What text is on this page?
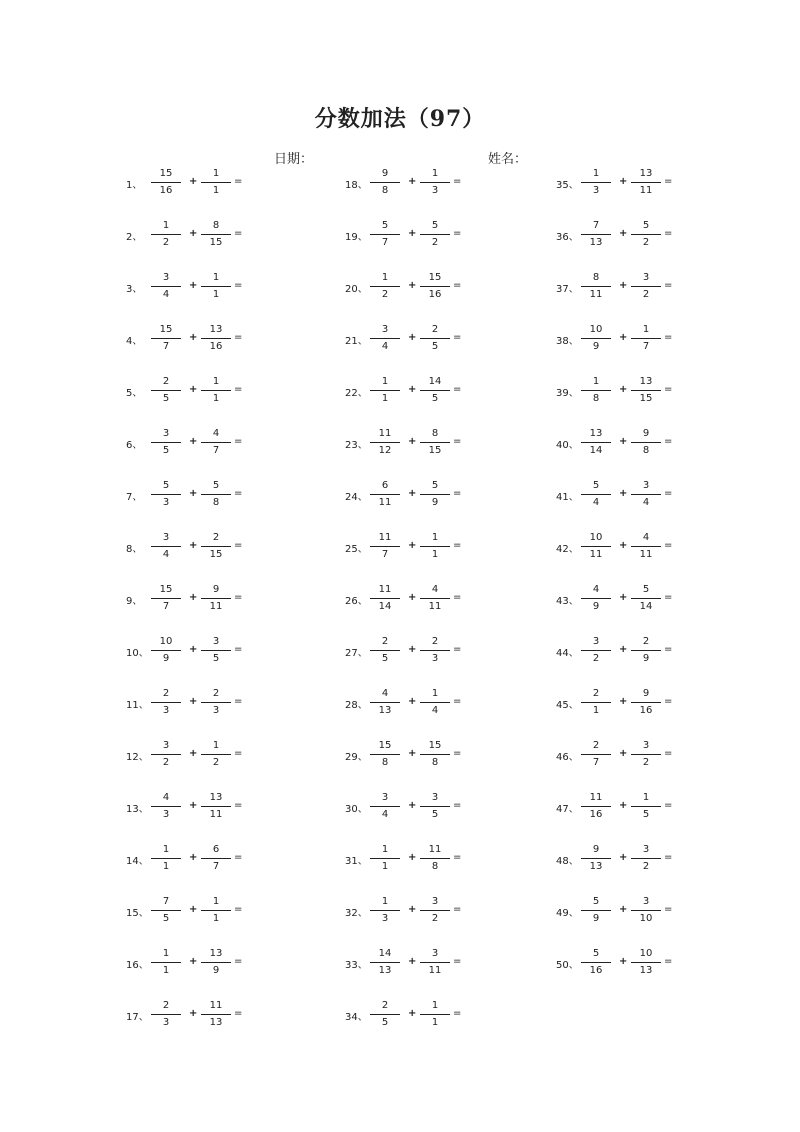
分数加法（97）
日期：	姓名：
1、
15
16
+
1
1
=
2、
1
2
+
8
15
=
3、
3
4
+
1
1
=
4、
15
7
+
13
16
=
5、
2
5
+
1
1
=
6、
3
5
+
4
7
=
7、
5
3
+
5
8
=
8、
3
4
+
2
15
=
9、
15
7
+
9
11
=
10、
10
9
+
3
5
=
11、
2
3
+
2
3
=
12、
3
2
+
1
2
=
13、
4
3
+
13
11
=
14、
1
1
+
6
7
=
15、
7
5
+
1
1
=
16、
1
1
+
13
9
=
17、
2
3
+
11
13
=
18、
9
8
+
1
3
=
19、
5
7
+
5
2
=
20、
1
2
+
15
16
=
21、
3
4
+
2
5
=
22、
1
1
+
14
5
=
23、
11
12
+
8
15
=
24、
6
11
+
5
9
=
25、
11
7
+
1
1
=
26、
11
14
+
4
11
=
27、
2
5
+
2
3
=
28、
4
13
+
1
4
=
29、
15
8
+
15
8
=
30、
3
4
+
3
5
=
31、
1
1
+
11
8
=
32、
1
3
+
3
2
=
33、
14
13
+
3
11
=
34、
2
5
+
1
1
=
35、
1
3
+
13
11
=
36、
7
13
+
5
2
=
37、
8
11
+
3
2
=
38、
10
9
+
1
7
=
39、
1
8
+
13
15
=
40、
13
14
+
9
8
=
41、
5
4
+
3
4
=
42、
10
11
+
4
11
=
43、
4
9
+
5
14
=
44、
3
2
+
2
9
=
45、
2
1
+
9
16
=
46、
2
7
+
3
2
=
47、
11
16
+
1
5
=
48、
9
13
+
3
2
=
49、
5
9
+
3
10
=
50、
5
16
+
10
13
=
